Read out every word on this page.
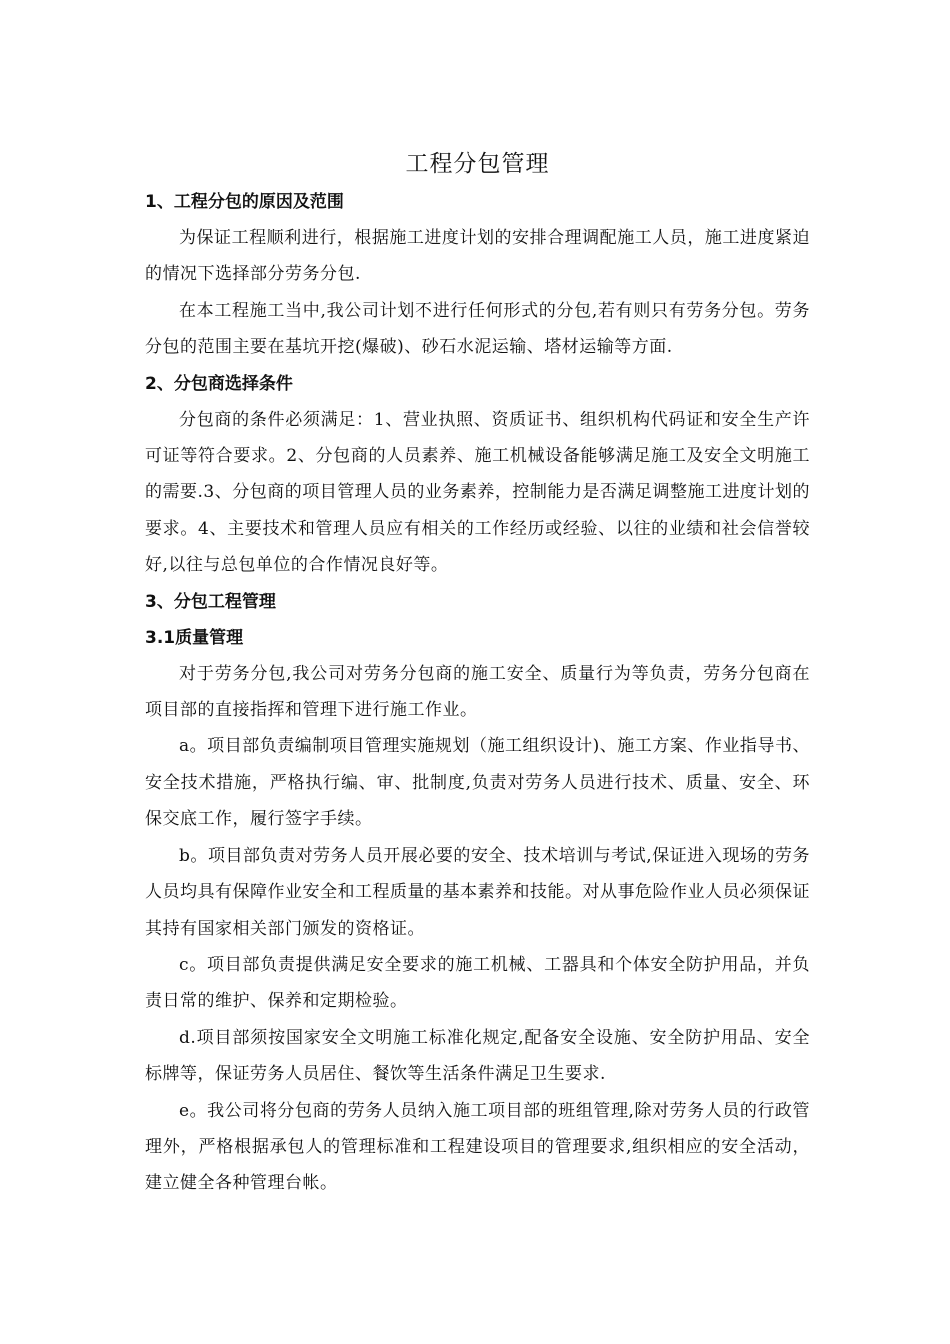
工程分包管理
1、工程分包的原因及范围

为保证工程顺利进行，根据施工进度计划的安排合理调配施工人员，施工进度紧迫的情况下选择部分劳务分包.

在本工程施工当中,我公司计划不进行任何形式的分包,若有则只有劳务分包。劳务分包的范围主要在基坑开挖(爆破)、砂石水泥运输、塔材运输等方面.

2、分包商选择条件

分包商的条件必须满足：1、营业执照、资质证书、组织机构代码证和安全生产许可证等符合要求。2、分包商的人员素养、施工机械设备能够满足施工及安全文明施工的需要.3、分包商的项目管理人员的业务素养，控制能力是否满足调整施工进度计划的要求。4、主要技术和管理人员应有相关的工作经历或经验、以往的业绩和社会信誉较好,以往与总包单位的合作情况良好等。

3、分包工程管理
3.1质量管理

对于劳务分包,我公司对劳务分包商的施工安全、质量行为等负责，劳务分包商在项目部的直接指挥和管理下进行施工作业。

a。项目部负责编制项目管理实施规划（施工组织设计)、施工方案、作业指导书、安全技术措施，严格执行编、审、批制度,负责对劳务人员进行技术、质量、安全、环保交底工作，履行签字手续。

b。项目部负责对劳务人员开展必要的安全、技术培训与考试,保证进入现场的劳务人员均具有保障作业安全和工程质量的基本素养和技能。对从事危险作业人员必须保证其持有国家相关部门颁发的资格证。

c。项目部负责提供满足安全要求的施工机械、工器具和个体安全防护用品，并负责日常的维护、保养和定期检验。

d.项目部须按国家安全文明施工标准化规定,配备安全设施、安全防护用品、安全标牌等，保证劳务人员居住、餐饮等生活条件满足卫生要求.

e。我公司将分包商的劳务人员纳入施工项目部的班组管理,除对劳务人员的行政管理外，严格根据承包人的管理标准和工程建设项目的管理要求,组织相应的安全活动，建立健全各种管理台帐。
